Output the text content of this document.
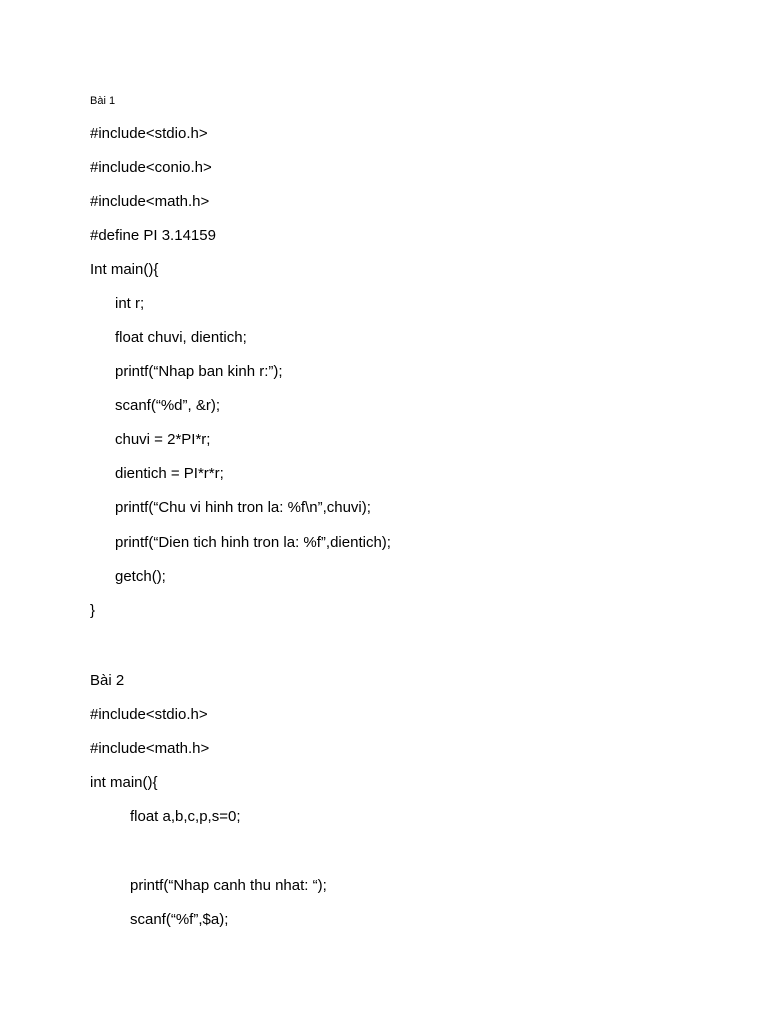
Bài 1
#include<stdio.h>
#include<conio.h>
#include<math.h>
#define PI 3.14159
Int main(){
int r;
float chuvi, dientich;
printf(“Nhap ban kinh r:”);
scanf(“%d”, &r);
chuvi = 2*PI*r;
dientich = PI*r*r;
printf(“Chu vi hinh tron la: %f\n”,chuvi);
printf(“Dien tich hinh tron la: %f”,dientich);
getch();
}
Bài 2
#include<stdio.h>
#include<math.h>
int main(){
float a,b,c,p,s=0;
printf(“Nhap canh thu nhat: “);
scanf(“%f”,$a);
